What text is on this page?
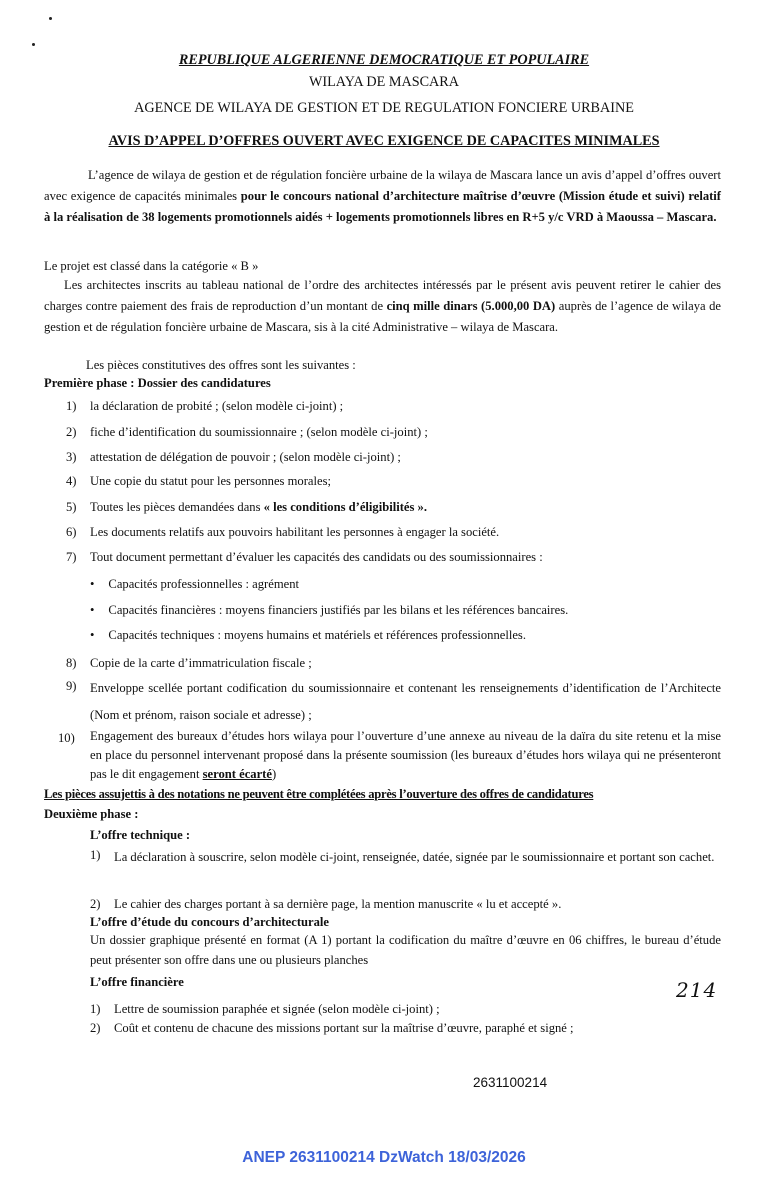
REPUBLIQUE ALGERIENNE DEMOCRATIQUE ET POPULAIRE
WILAYA DE MASCARA
AGENCE DE WILAYA DE GESTION ET DE REGULATION FONCIERE URBAINE
AVIS D’APPEL D’OFFRES OUVERT AVEC EXIGENCE DE CAPACITES MINIMALES
L’agence de wilaya de gestion et de régulation foncière urbaine de la wilaya de Mascara lance un avis d’appel d’offres ouvert avec exigence de capacités minimales pour le concours national d’architecture maîtrise d’œuvre (Mission étude et suivi) relatif à la réalisation de 38 logements promotionnels aidés + logements promotionnels libres en R+5 y/c VRD à Maoussa – Mascara.
Le projet est classé dans la catégorie « B »
Les architectes inscrits au tableau national de l’ordre des architectes intéressés par le présent avis peuvent retirer le cahier des charges contre paiement des frais de reproduction d’un montant de cinq mille dinars (5.000,00 DA) auprès de l’agence de wilaya de gestion et de régulation foncière urbaine de Mascara, sis à la cité Administrative – wilaya de Mascara.
Les pièces constitutives des offres sont les suivantes :
Première phase : Dossier des candidatures
1) la déclaration de probité ; (selon modèle ci-joint) ;
2) fiche d’identification du soumissionnaire ; (selon modèle ci-joint) ;
3) attestation de délégation de pouvoir ; (selon modèle ci-joint) ;
4) Une copie du statut pour les personnes morales;
5) Toutes les pièces demandées dans « les conditions d’éligibilités ».
6) Les documents relatifs aux pouvoirs habilitant les personnes à engager la société.
7) Tout document permettant d’évaluer les capacités des candidats ou des soumissionnaires :
• Capacités professionnelles : agrément
• Capacités financières : moyens financiers justifiés par les bilans et les références bancaires.
• Capacités techniques : moyens humains et matériels et références professionnelles.
8) Copie de la carte d’immatriculation fiscale ;
9) Enveloppe scellée portant codification du soumissionnaire et contenant les renseignements d’identification de l’Architecte (Nom et prénom, raison sociale et adresse) ;
10) Engagement des bureaux d’études hors wilaya pour l’ouverture d’une annexe au niveau de la daïra du site retenu et la mise en place du personnel intervenant proposé dans la présente soumission (les bureaux d’études hors wilaya qui ne présenteront pas le dit engagement seront écarté)
Les pièces assujettis à des notations ne peuvent être complétées après l’ouverture des offres de candidatures
Deuxième phase :
L’offre technique :
1) La déclaration à souscrire, selon modèle ci-joint, renseignée, datée, signée par le soumissionnaire et portant son cachet.
2) Le cahier des charges portant à sa dernière page, la mention manuscrite « lu et accepté ».
L’offre d’étude du concours d’architecturale
Un dossier graphique présenté en format (A 1) portant la codification du maître d’œuvre en 06 chiffres, le bureau d’étude peut présenter son offre dans une ou plusieurs planches
L’offre financière	214
1) Lettre de soumission paraphée et signée (selon modèle ci-joint) ;
2) Coût et contenu de chacune des missions portant sur la maîtrise d’œuvre, paraphé et signé ;
2631100214
ANEP 2631100214 DzWatch 18/03/2026
